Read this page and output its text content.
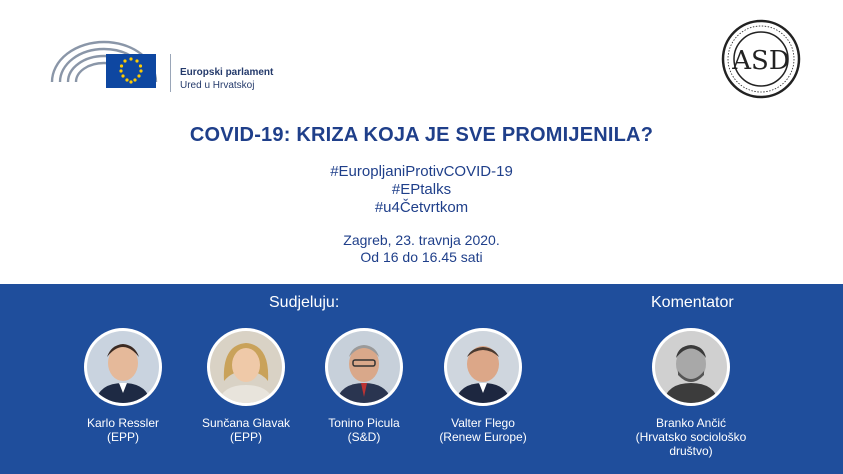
Europski parlament
Ured u Hrvatskoj
ASD
COVID-19: KRIZA KOJA JE SVE PROMIJENILA?
#EuropljaniProtivCOVID-19
#EPtalks
#u4Četvrtkom
Zagreb, 23. travnja 2020.
Od 16 do 16.45 sati
Sudjeluju:	Komentator
Karlo Ressler
(EPP)
Sunčana Glavak
(EPP)
Tonino Picula
(S&D)
Valter Flego
(Renew Europe)
Branko Ančić
(Hrvatsko sociološko društvo)
